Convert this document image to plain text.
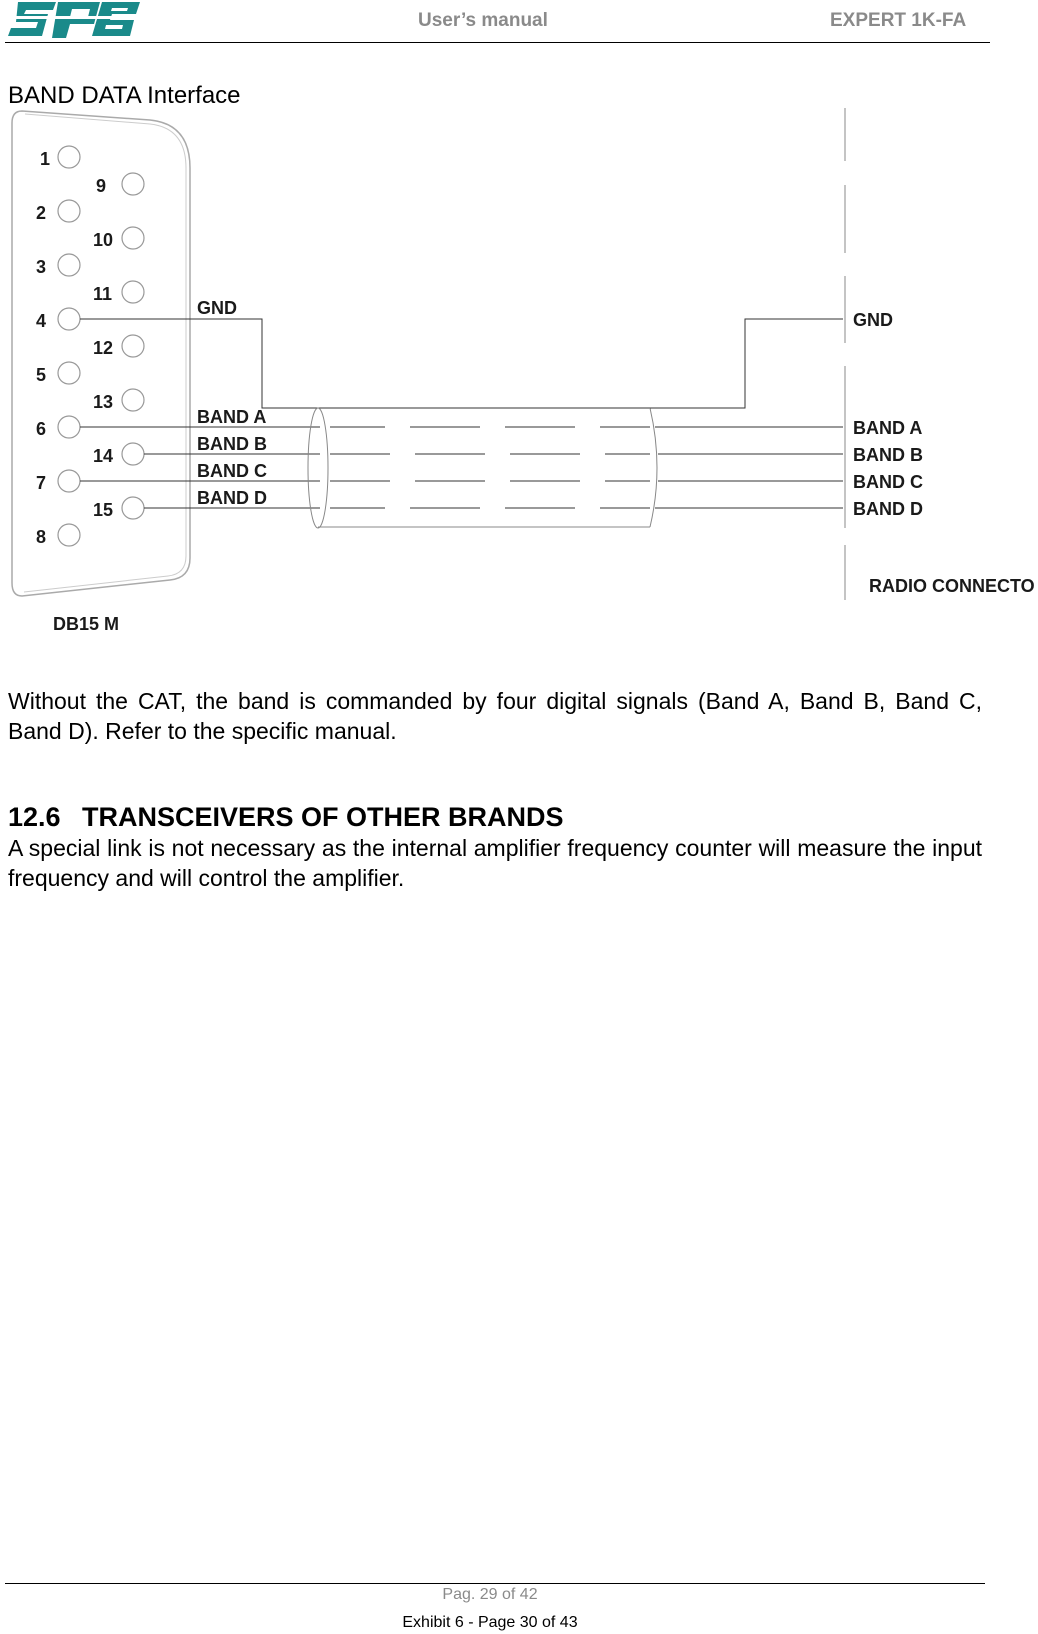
User’s manual	EXPERT 1K-FA
BAND DATA Interface
1
2
3
4
5
6
7
8
9
10
11
12
13
14
15
GND
BAND A
BAND B
BAND C
BAND D
GND
BAND A
BAND B
BAND C
BAND D
RADIO CONNECTO
DB15 M

Without the CAT, the band is commanded by four digital signals (Band A, Band B, Band C, Band D). Refer to the specific manual.

12.6 TRANSCEIVERS OF OTHER BRANDS

A special link is not necessary as the internal amplifier frequency counter will measure the input frequency and will control the amplifier.

Pag. 29 of 42
Exhibit 6 - Page 30 of 43
